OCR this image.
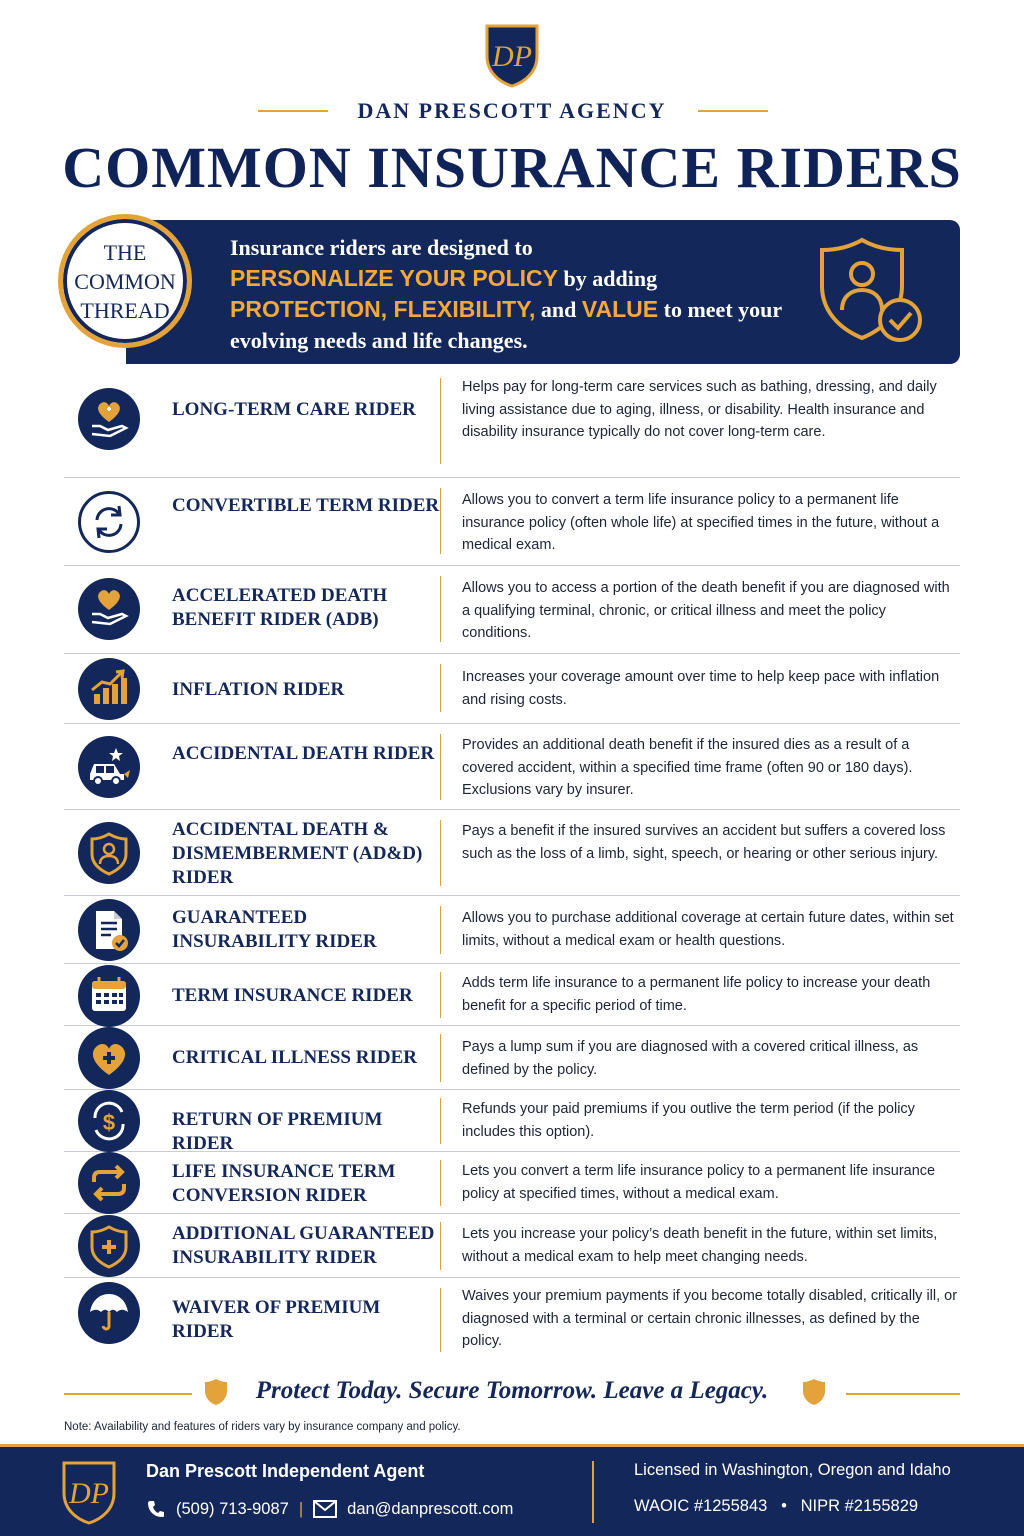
DP
DAN PRESCOTT AGENCY
COMMON INSURANCE RIDERS
THE
COMMON
THREAD
Insurance riders are designed to
PERSONALIZE YOUR POLICY by adding
PROTECTION, FLEXIBILITY, and VALUE to meet your
evolving needs and life changes.
LONG-TERM CARE RIDER
Helps pay for long-term care services such as bathing, dressing, and daily living assistance due to aging, illness, or disability. Health insurance and disability insurance typically do not cover long-term care.
CONVERTIBLE TERM RIDER Allows you to convert a term life insurance policy to a permanent life insurance policy (often whole life) at specified times in the future, without a medical exam.
ACCELERATED DEATH BENEFIT RIDER (ADB)
Allows you to access a portion of the death benefit if you are diagnosed with a qualifying terminal, chronic, or critical illness and meet the policy conditions.
INFLATION RIDER
Increases your coverage amount over time to help keep pace with inflation and rising costs.
ACCIDENTAL DEATH RIDER	Provides an additional death benefit if the insured dies as a result of a covered accident, within a specified time frame (often 90 or 180 days). Exclusions vary by insurer.
ACCIDENTAL DEATH & DISMEMBERMENT (AD&D) RIDER
Pays a benefit if the insured survives an accident but suffers a covered loss such as the loss of a limb, sight, speech, or hearing or other serious injury.
GUARANTEED INSURABILITY RIDER
Allows you to purchase additional coverage at certain future dates, within set limits, without a medical exam or health questions.
TERM INSURANCE RIDER
Adds term life insurance to a permanent life policy to increase your death benefit for a specific period of time.
CRITICAL ILLNESS RIDER	Pays a lump sum if you are diagnosed with a covered critical illness, as defined by the policy.
$	RETURN OF PREMIUM RIDER
Refunds your paid premiums if you outlive the term period (if the policy includes this option).
LIFE INSURANCE TERM CONVERSION RIDER
Lets you convert a term life insurance policy to a permanent life insurance policy at specified times, without a medical exam.
ADDITIONAL GUARANTEED INSURABILITY RIDER
Lets you increase your policy’s death benefit in the future, within set limits, without a medical exam to help meet changing needs.
WAIVER OF PREMIUM RIDER
Waives your premium payments if you become totally disabled, critically ill, or diagnosed with a terminal or certain chronic illnesses, as defined by the policy.
Protect Today. Secure Tomorrow. Leave a Legacy.
Note: Availability and features of riders vary by insurance company and policy.
DP
Dan Prescott Independent Agent
(509) 713-9087 |	dan@danprescott.com
Licensed in Washington, Oregon and Idaho
WAOIC #1255843 • NIPR #2155829
